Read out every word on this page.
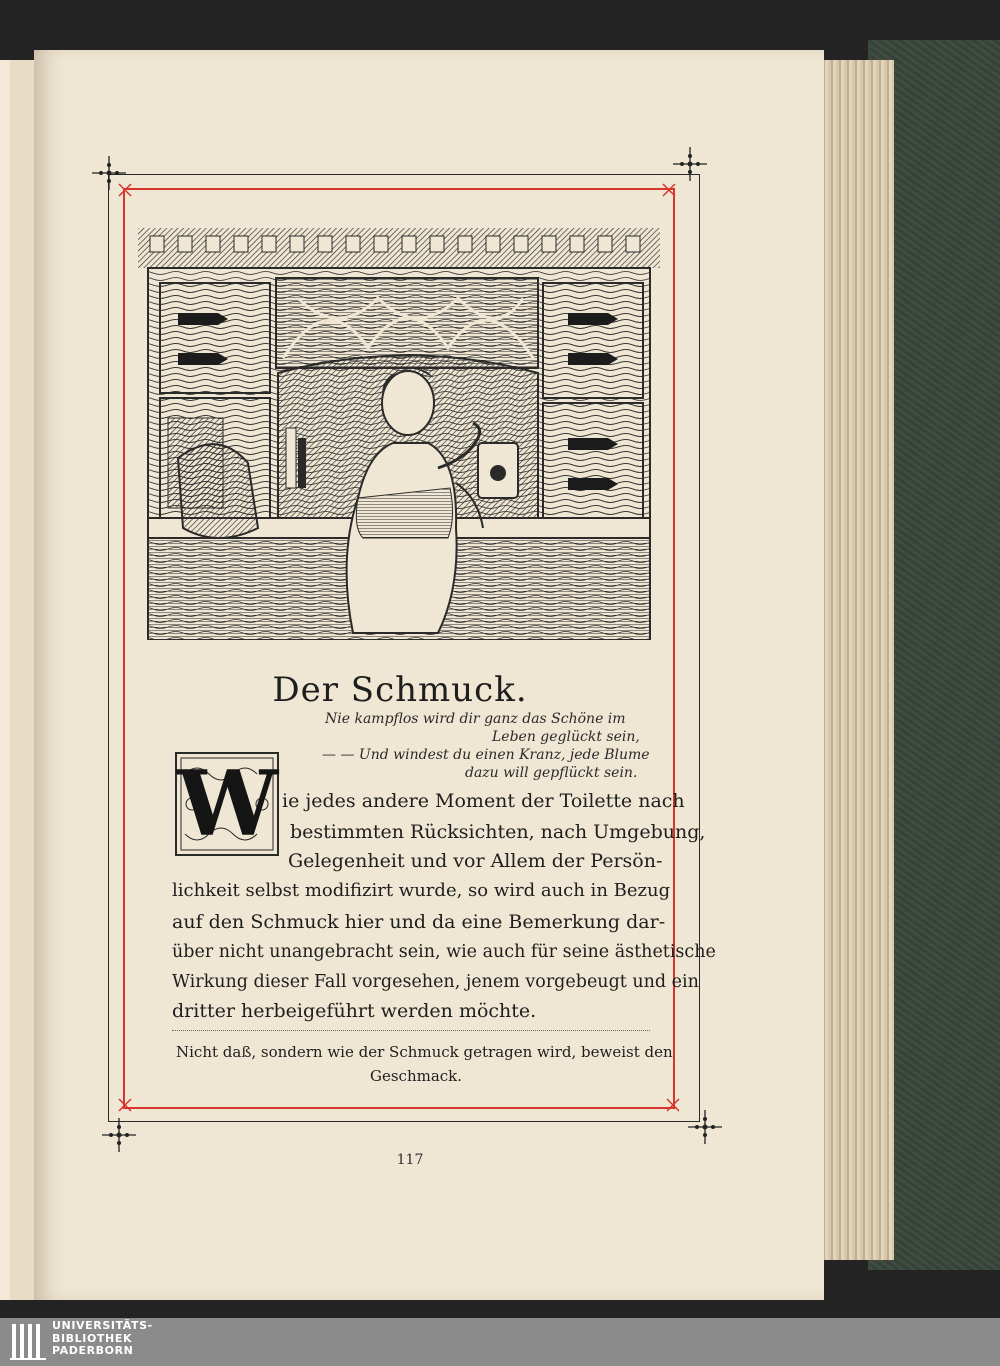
Der Schmuck.
Nie kampflos wird dir ganz das Schöne im
Leben geglückt sein,
— — Und windest du einen Kranz, jede Blume
dazu will gepflückt sein.
W ie jedes andere Moment der Toilette nach
bestimmten Rücksichten, nach Umgebung,
Gelegenheit und vor Allem der Persön-
lichkeit selbst modifizirt wurde, so wird auch in Bezug
auf den Schmuck hier und da eine Bemerkung dar-
über nicht unangebracht sein, wie auch für seine ästhetische
Wirkung dieser Fall vorgesehen, jenem vorgebeugt und ein
dritter herbeigeführt werden möchte.
Nicht daß, sondern wie der Schmuck getragen wird, beweist den
Geschmack.
117
UNIVERSITÄTS-
BIBLIOTHEK
PADERBORN
